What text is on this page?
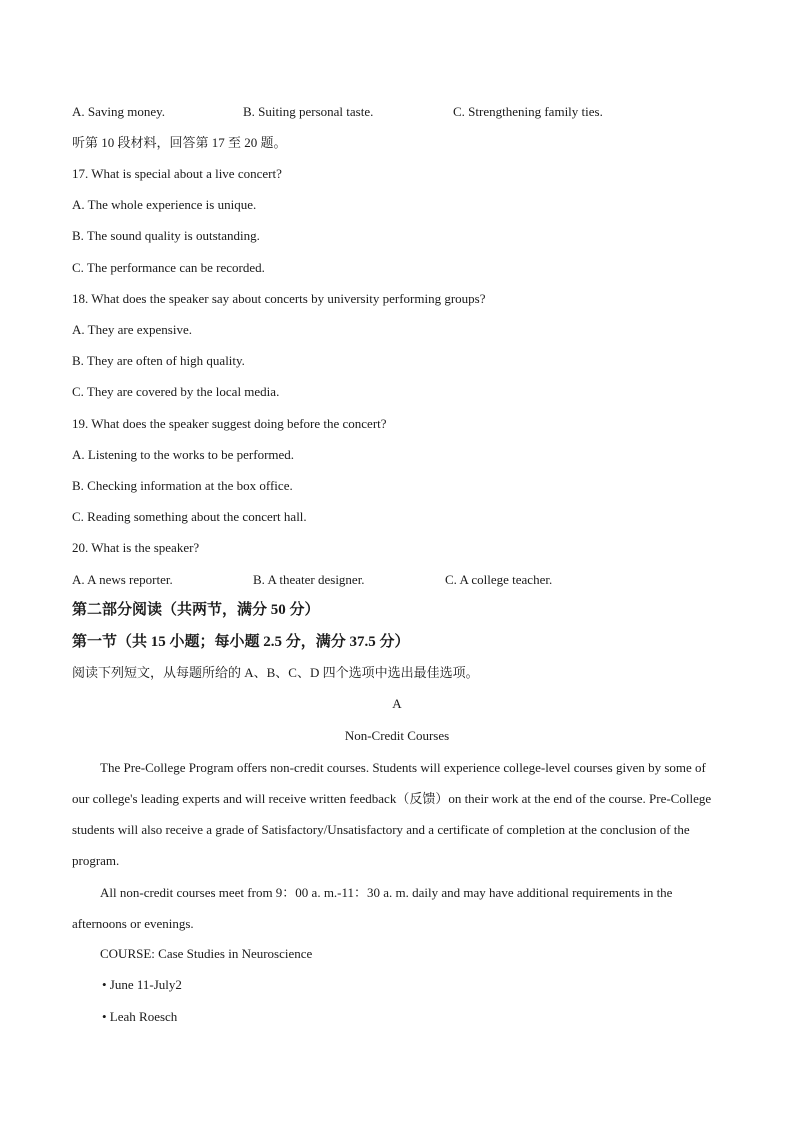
A. Saving money.	B. Suiting personal taste.	C. Strengthening family ties.
听第 10 段材料，回答第 17 至 20 题。
17. What is special about a live concert?
A. The whole experience is unique.
B. The sound quality is outstanding.
C. The performance can be recorded.
18. What does the speaker say about concerts by university performing groups?
A. They are expensive.
B. They are often of high quality.
C. They are covered by the local media.
19. What does the speaker suggest doing before the concert?
A. Listening to the works to be performed.
B. Checking information at the box office.
C. Reading something about the concert hall.
20. What is the speaker?
A. A news reporter.	B. A theater designer.	C. A college teacher.
第二部分阅读（共两节，满分 50 分）
第一节（共 15 小题；每小题 2.5 分，满分 37.5 分）
阅读下列短文，从每题所给的 A、B、C、D 四个选项中选出最佳选项。
A
Non-Credit Courses
The Pre-College Program offers non-credit courses. Students will experience college-level courses given by some of our college's leading experts and will receive written feedback（反馈）on their work at the end of the course. Pre-College students will also receive a grade of Satisfactory/Unsatisfactory and a certificate of completion at the conclusion of the program.
All non-credit courses meet from 9：00 a. m.-11：30 a. m. daily and may have additional requirements in the afternoons or evenings.
COURSE: Case Studies in Neuroscience
• June 11-July2
• Leah Roesch
